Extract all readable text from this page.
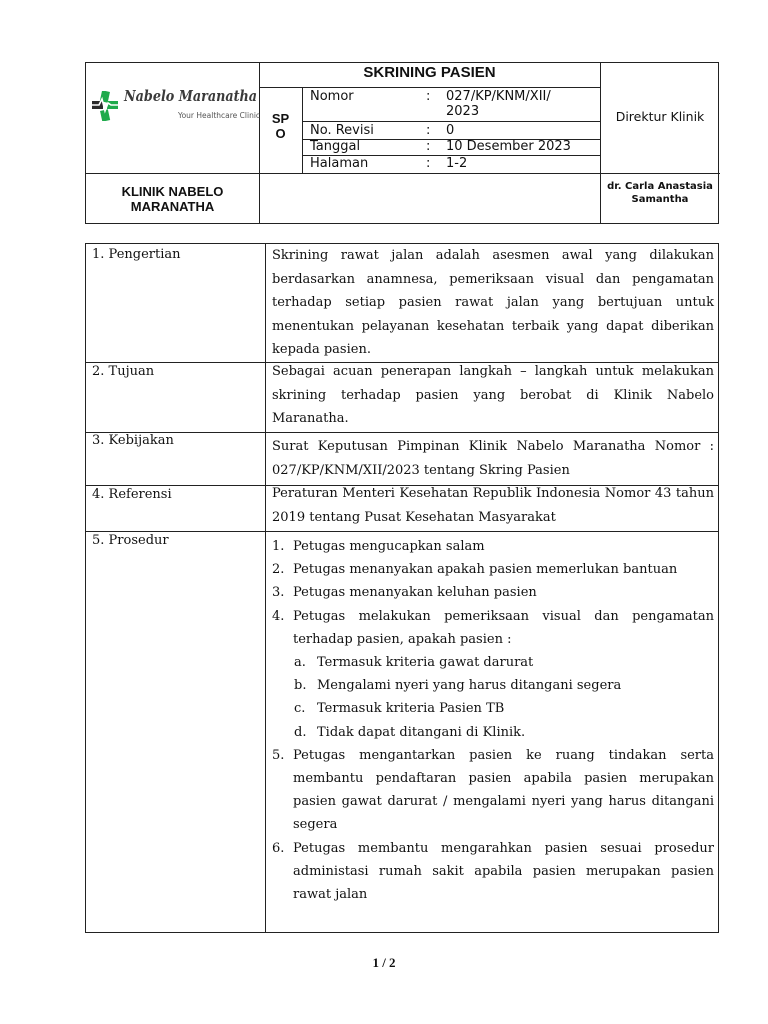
Nabelo Maranatha
Your Healthcare Clinic
SKRINING PASIEN
SP
O
Nomor	: 027/KP/KNM/XII/
2023
No. Revisi	: 0
Tanggal	: 10 Desember 2023
Halaman	: 1-2
Direktur Klinik
KLINIK NABELO MARANATHA
dr. Carla Anastasia Samantha
1. Pengertian	Skrining rawat jalan adalah asesmen awal yang dilakukan berdasarkan anamnesa, pemeriksaan visual dan pengamatan terhadap setiap pasien rawat jalan yang bertujuan untuk menentukan pelayanan kesehatan terbaik yang dapat diberikan kepada pasien.
2. Tujuan	Sebagai acuan penerapan langkah – langkah untuk melakukan skrining terhadap pasien yang berobat di Klinik Nabelo Maranatha.
3. Kebijakan	Surat Keputusan Pimpinan Klinik Nabelo Maranatha Nomor : 027/KP/KNM/XII/2023 tentang Skring Pasien
4. Referensi	Peraturan Menteri Kesehatan Republik Indonesia Nomor 43 tahun 2019 tentang Pusat Kesehatan Masyarakat
5. Prosedur	1. Petugas mengucapkan salam
2. Petugas menanyakan apakah pasien memerlukan bantuan
3. Petugas menanyakan keluhan pasien
4. Petugas melakukan pemeriksaan visual dan pengamatan terhadap pasien, apakah pasien :
a. Termasuk kriteria gawat darurat
b. Mengalami nyeri yang harus ditangani segera
c. Termasuk kriteria Pasien TB
d. Tidak dapat ditangani di Klinik.
5. Petugas mengantarkan pasien ke ruang tindakan serta membantu pendaftaran pasien apabila pasien merupakan pasien gawat darurat / mengalami nyeri yang harus ditangani segera
6. Petugas membantu mengarahkan pasien sesuai prosedur administasi rumah sakit apabila pasien merupakan pasien rawat jalan
1 / 2
